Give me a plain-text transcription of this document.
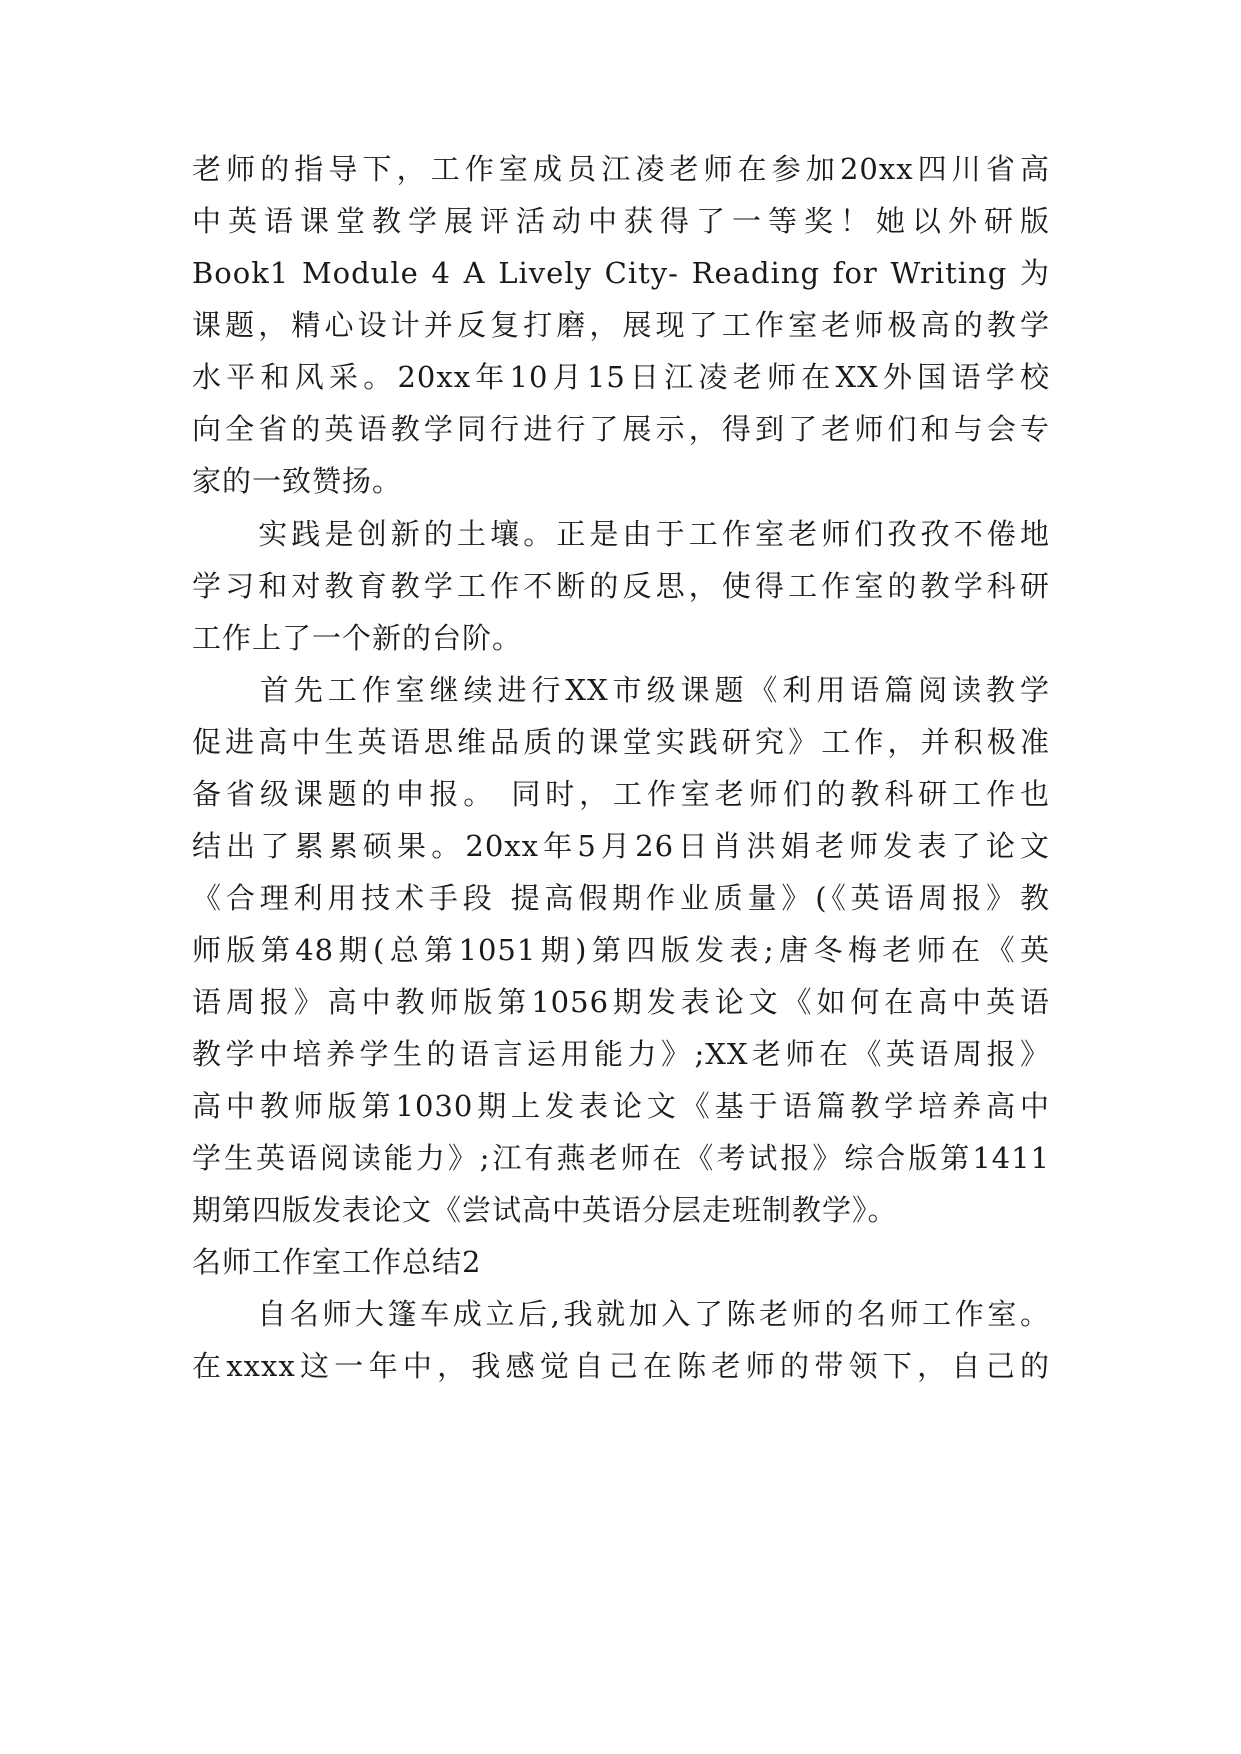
老师的指导下，工作室成员江凌老师在参加20xx四川省高
中英语课堂教学展评活动中获得了一等奖！她以外研版
Book1 Module 4 A Lively City- Reading for Writing 为
课题，精心设计并反复打磨，展现了工作室老师极高的教学
水平和风采。20xx年10月15日江凌老师在XX外国语学校
向全省的英语教学同行进行了展示，得到了老师们和与会专
家的一致赞扬。
　　实践是创新的土壤。正是由于工作室老师们孜孜不倦地
学习和对教育教学工作不断的反思，使得工作室的教学科研
工作上了一个新的台阶。
　　首先工作室继续进行XX市级课题《利用语篇阅读教学
促进高中生英语思维品质的课堂实践研究》工作，并积极准
备省级课题的申报。 同时，工作室老师们的教科研工作也
结出了累累硕果。20xx年5月26日肖洪娟老师发表了论文
《合理利用技术手段 提高假期作业质量》(《英语周报》教
师版第48期(总第1051期)第四版发表;唐冬梅老师在《英
语周报》高中教师版第1056期发表论文《如何在高中英语
教学中培养学生的语言运用能力》;XX老师在《英语周报》
高中教师版第1030期上发表论文《基于语篇教学培养高中
学生英语阅读能力》;江有燕老师在《考试报》综合版第1411
期第四版发表论文《尝试高中英语分层走班制教学》。
名师工作室工作总结2
　　自名师大篷车成立后,我就加入了陈老师的名师工作室。
在xxxx这一年中，我感觉自己在陈老师的带领下，自己的
